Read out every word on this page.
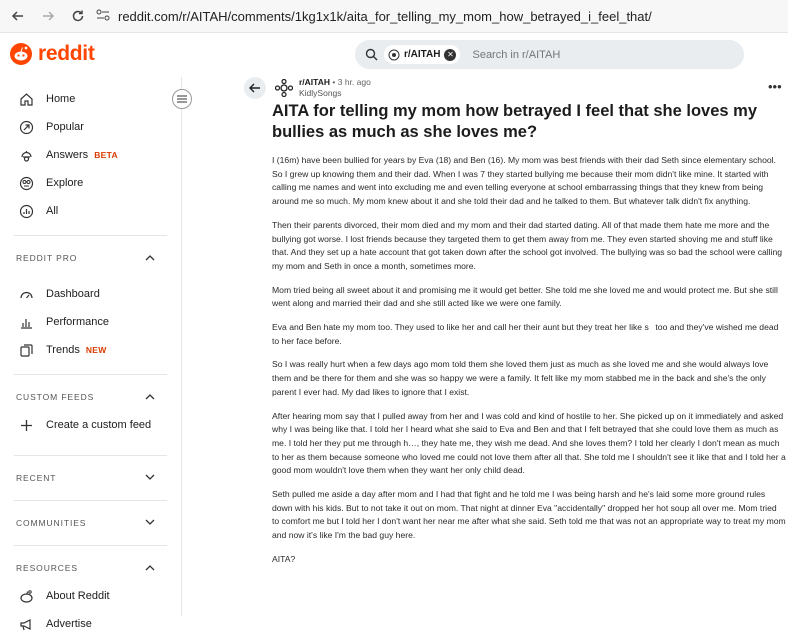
reddit.com/r/AITAH/comments/1kg1x1k/aita_for_telling_my_mom_how_betrayed_i_feel_that/
reddit	r/AITAH ✕
Search in r/AITAH
Home
Popular
Answers BETA
Explore
All
REDDIT PRO
Dashboard
Performance
Trends NEW
CUSTOM FEEDS
Create a custom feed
RECENT
COMMUNITIES
RESOURCES
About Reddit
Advertise
r/AITAH • 3 hr. ago
KidlySongs	•••
AITA for telling my mom how betrayed I feel that she loves my bullies as much as she loves me?

I (16m) have been bullied for years by Eva (18) and Ben (16). My mom was best friends with their dad Seth since elementary school. So I grew up knowing them and their dad. When I was 7 they started bullying me because their mom didn't like mine. It started with calling me names and went into excluding me and even telling everyone at school embarrassing things that they knew from being around me so much. My mom knew about it and she told their dad and he talked to them. But whatever talk didn't fix anything.

Then their parents divorced, their mom died and my mom and their dad started dating. All of that made them hate me more and the bullying got worse. I lost friends because they targeted them to get them away from me. They even started shoving me and stuff like that. And they set up a hate account that got taken down after the school got involved. The bullying was so bad the school were calling my mom and Seth in once a month, sometimes more.

Mom tried being all sweet about it and promising me it would get better. She told me she loved me and would protect me. But she still went along and married their dad and she still acted like we were one family.

Eva and Ben hate my mom too. They used to like her and call her their aunt but they treat her like s   too and they've wished me dead to her face before.

So I was really hurt when a few days ago mom told them she loved them just as much as she loved me and she would always love them and be there for them and she was so happy we were a family. It felt like my mom stabbed me in the back and she's the only parent I ever had. My dad likes to ignore that I exist.

After hearing mom say that I pulled away from her and I was cold and kind of hostile to her. She picked up on it immediately and asked why I was being like that. I told her I heard what she said to Eva and Ben and that I felt betrayed that she could love them as much as me. I told her they put me through h…, they hate me, they wish me dead. And she loves them? I told her clearly I don't mean as much to her as them because someone who loved me could not love them after all that. She told me I shouldn't see it like that and I told her a good mom wouldn't love them when they want her only child dead.

Seth pulled me aside a day after mom and I had that fight and he told me I was being harsh and he's laid some more ground rules down with his kids. But to not take it out on mom. That night at dinner Eva "accidentally" dropped her hot soup all over me. Mom tried to comfort me but I told her I don't want her near me after what she said. Seth told me that was not an appropriate way to treat my mom and now it's like I'm the bad guy here.

AITA?
